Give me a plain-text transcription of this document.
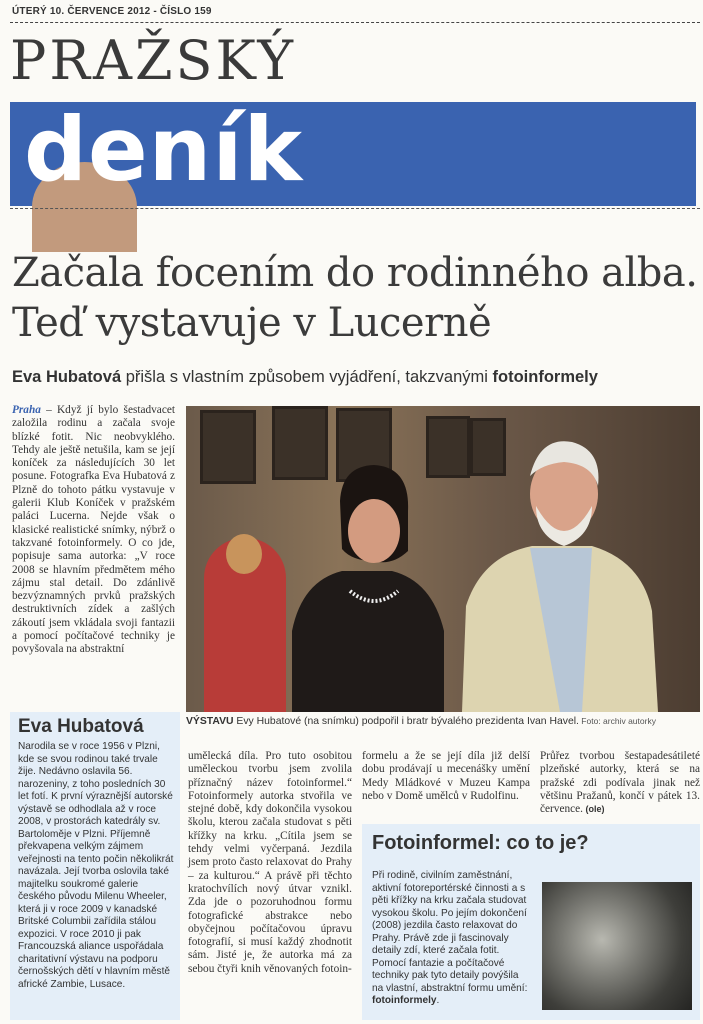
ÚTERÝ 10. ČERVENCE 2012 - ČÍSLO 159
PRAŽSKÝ
deník
Začala focením do rodinného alba. Teď vystavuje v Lucerně
Eva Hubatová přišla s vlastním způsobem vyjádření, takzvanými fotoinformely
Praha – Když jí bylo šestadvacet založila rodinu a začala svoje blízké fotit. Nic neobvyklého. Tehdy ale ještě netušila, kam se její koníček za následujících 30 let posune. Fotografka Eva Hubatová z Plzně do tohoto pátku vystavuje v galerii Klub Koníček v pražském paláci Lucerna. Nejde však o klasické realistické snímky, nýbrž o takzvané fotoinformely. O co jde, popisuje sama autorka: „V roce 2008 se hlavním předmětem mého zájmu stal detail. Do zdánlivě bezvýznamných prvků pražských destruktivních zídek a zašlých zákoutí jsem vkládala svoji fantazii a pomocí počítačové techniky je povyšovala na abstraktní
VÝSTAVU Evy Hubatové (na snímku) podpořil i bratr bývalého prezidenta Ivan Havel. Foto: archiv autorky
Eva Hubatová
Narodila se v roce 1956 v Plzni, kde se svou rodinou také trvale žije. Nedávno oslavila 56. narozeniny, z toho posledních 30 let fotí. K první výraznější autorské výstavě se odhodlala až v roce 2008, v prostorách katedrály sv. Bartoloměje v Plzni. Příjemně překvapena velkým zájmem veřejnosti na tento počin několikrát navázala. Její tvorba oslovila také majitelku soukromé galerie českého původu Milenu Wheeler, která ji v roce 2009 v kanadské Britské Columbii zařídila stálou expozici. V roce 2010 ji pak Francouzská aliance uspořádala charitativní výstavu na podporu černošských dětí v hlavním městě africké Zambie, Lusace.
umělecká díla. Pro tuto osobitou uměleckou tvorbu jsem zvolila příznačný název fotoinformel.“ Fotoinformely autorka stvořila ve stejné době, kdy dokončila vysokou školu, kterou začala studovat s pěti křížky na krku. „Cítila jsem se tehdy velmi vyčerpaná. Jezdila jsem proto často relaxovat do Prahy – za kulturou.“ A právě při těchto kratochvílích nový útvar vznikl. Zda jde o pozoruhodnou formu fotografické abstrakce nebo obyčejnou počítačovou úpravu fotografií, si musí každý zhodnotit sám. Jisté je, že autorka má za sebou čtyři knih věnovaných fotoin-
formelu a že se její díla již delší dobu prodávají u mecenášky umění Medy Mládkové v Muzeu Kampa nebo v Domě umělců v Rudolfinu.
Průřez tvorbou šestapadesátileté plzeňské autorky, která se na pražské zdi podívala jinak než většinu Pražanů, končí v pátek 13. července. (ole)
Fotoinformel: co to je?
Při rodině, civilním zaměstnání, aktivní fotoreportérské činnosti a s pěti křížky na krku začala studovat vysokou školu. Po jejím dokončení (2008) jezdila často relaxovat do Prahy. Právě zde ji fascinovaly detaily zdí, které začala fotit. Pomocí fantazie a počítačové techniky pak tyto detaily povýšila na vlastní, abstraktní formu umění: fotoinformely.
